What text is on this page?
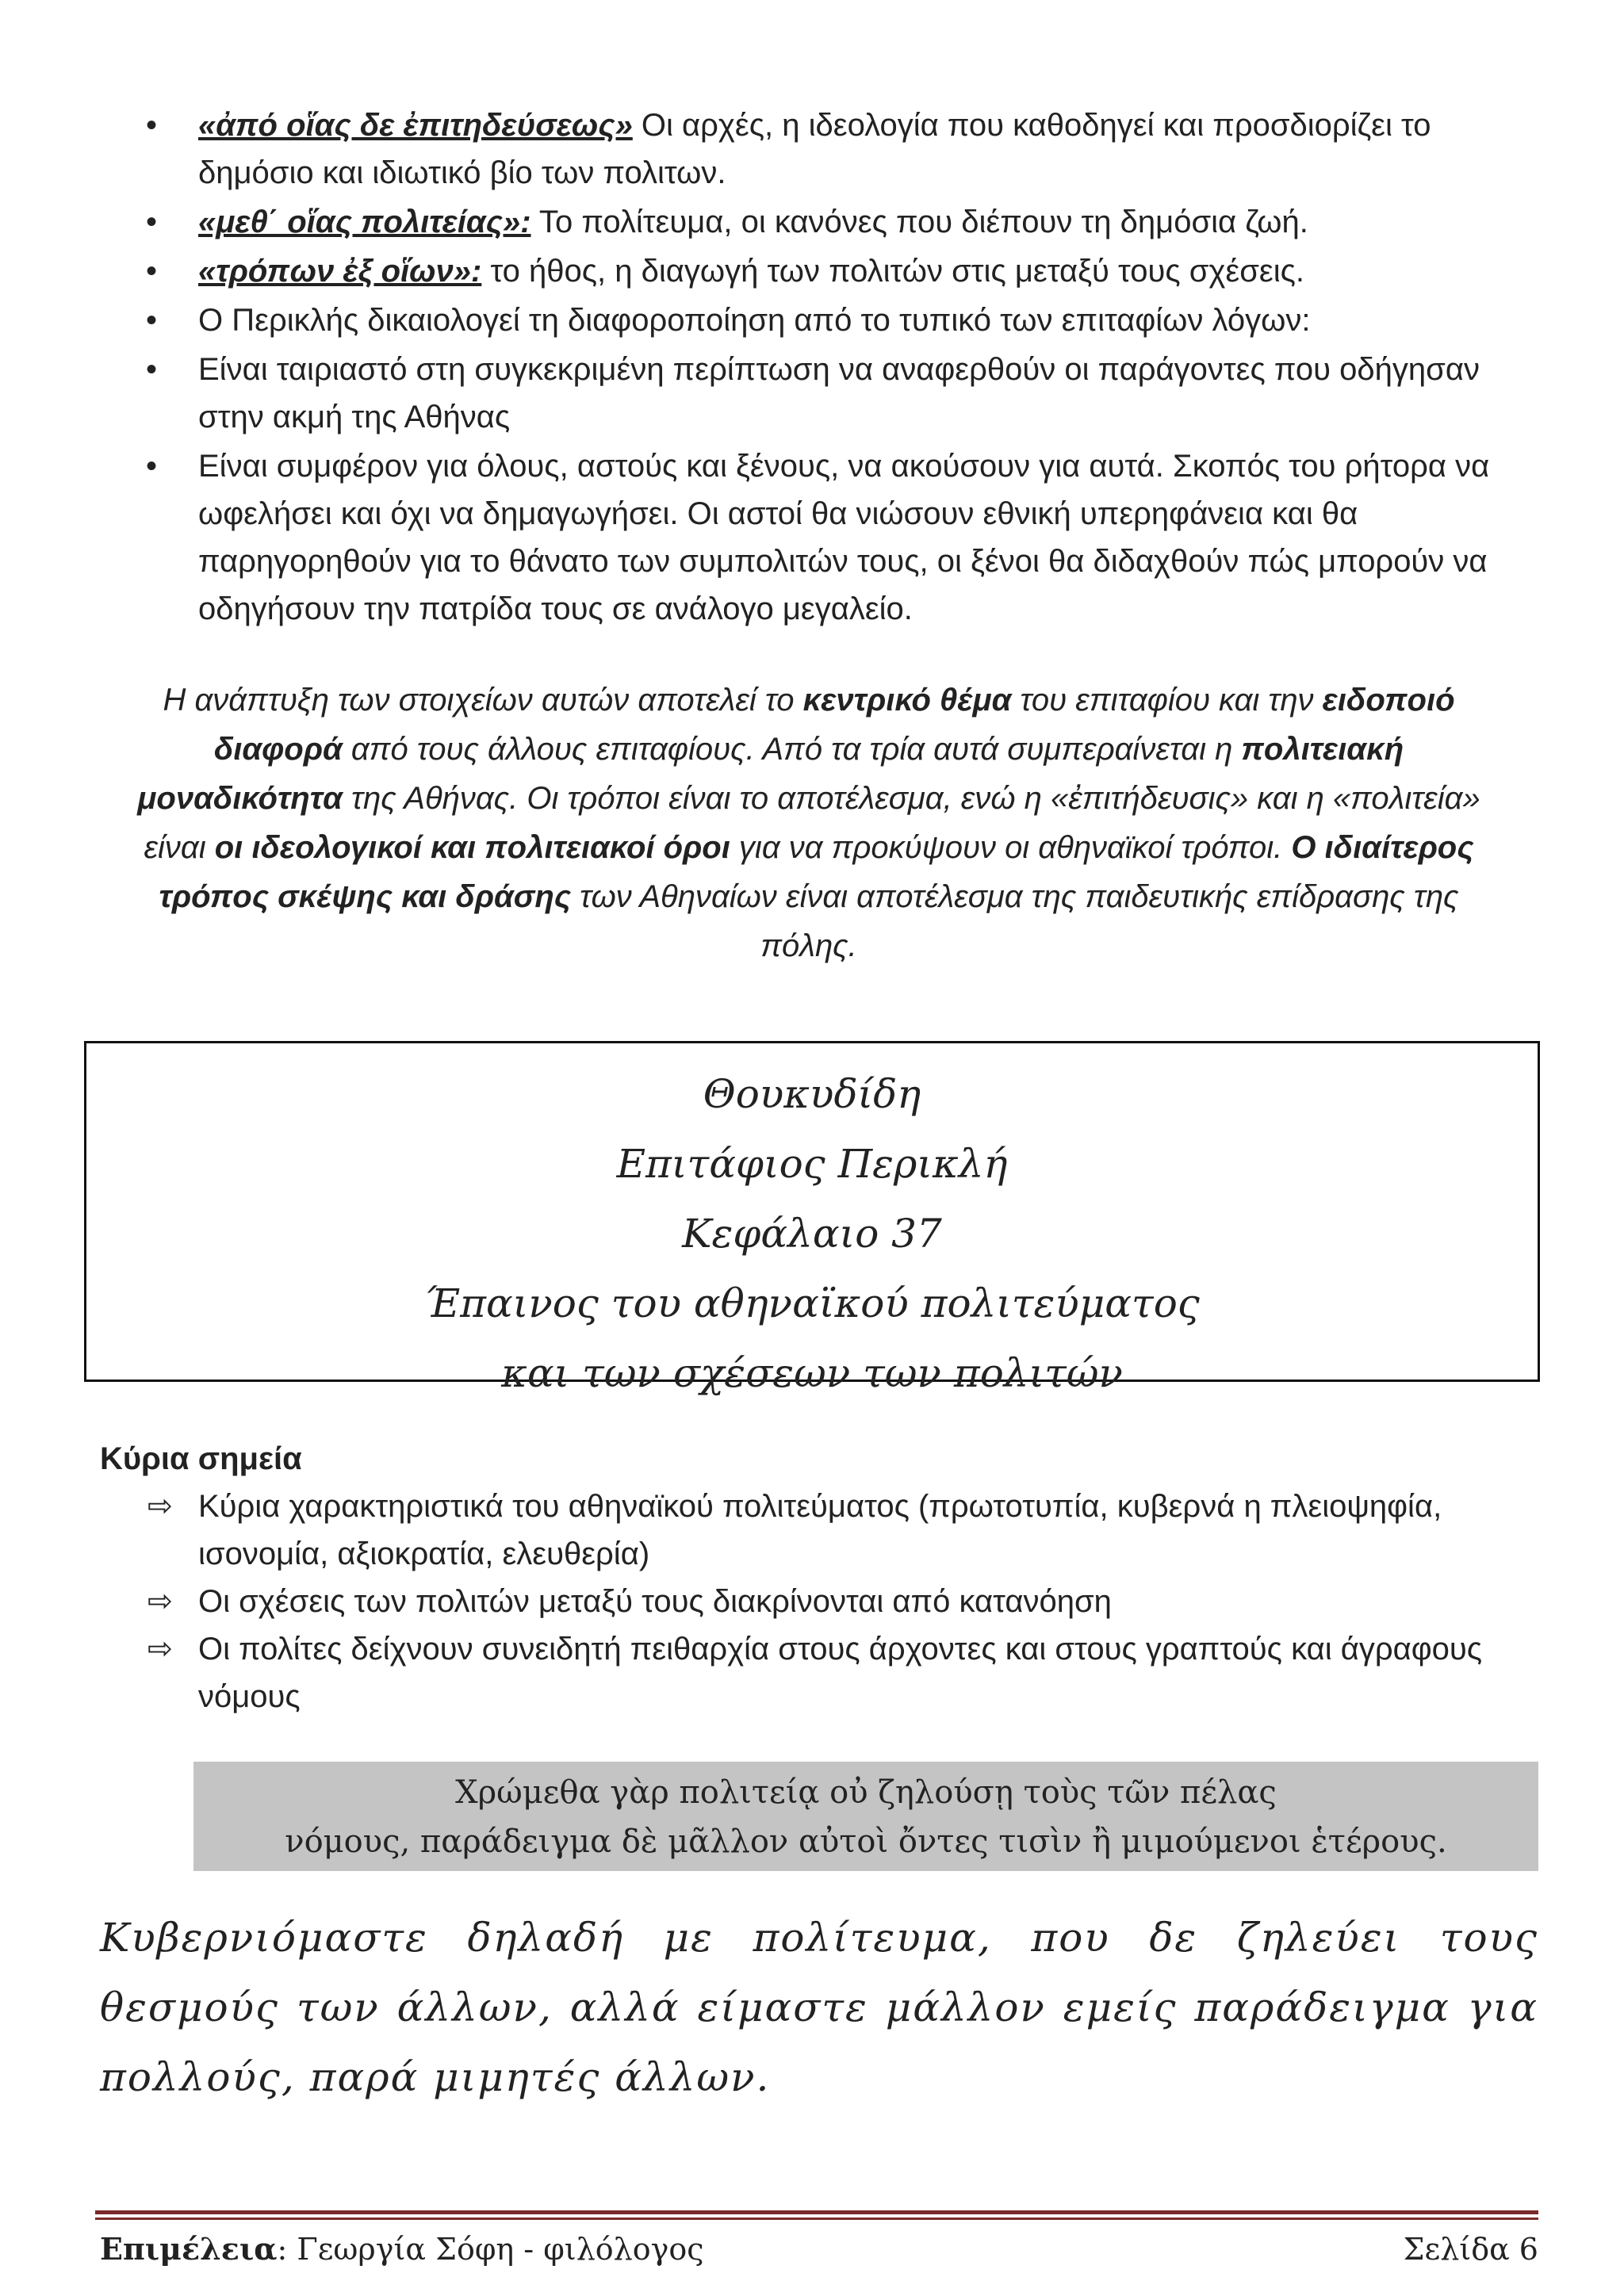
• «ἀπό οἵας δε ἐπιτηδεύσεως» Οι αρχές, η ιδεολογία που καθοδηγεί και προσδιορίζει το δημόσιο και ιδιωτικό βίο των πολιτων.
• «μεθ΄ οἵας πολιτείας»: Το πολίτευμα, οι κανόνες που διέπουν τη δημόσια ζωή.
• «τρόπων ἐξ οἵων»: το ήθος, η διαγωγή των πολιτών στις μεταξύ τους σχέσεις.
• Ο Περικλής δικαιολογεί τη διαφοροποίηση από το τυπικό των επιταφίων λόγων:
• Είναι ταιριαστό στη συγκεκριμένη περίπτωση να αναφερθούν οι παράγοντες που οδήγησαν στην ακμή της Αθήνας
• Είναι συμφέρον για όλους, αστούς και ξένους, να ακούσουν για αυτά. Σκοπός του ρήτορα να ωφελήσει και όχι να δημαγωγήσει. Οι αστοί θα νιώσουν εθνική υπερηφάνεια και θα παρηγορηθούν για το θάνατο των συμπολιτών τους, οι ξένοι θα διδαχθούν πώς μπορούν να οδηγήσουν την πατρίδα τους σε ανάλογο μεγαλείο.
Η ανάπτυξη των στοιχείων αυτών αποτελεί το κεντρικό θέμα του επιταφίου και την ειδοποιό διαφορά από τους άλλους επιταφίους. Από τα τρία αυτά συμπεραίνεται η πολιτειακή μοναδικότητα της Αθήνας. Οι τρόποι είναι το αποτέλεσμα, ενώ η «ἐπιτήδευσις» και η «πολιτεία» είναι οι ιδεολογικοί και πολιτειακοί όροι για να προκύψουν οι αθηναϊκοί τρόποι. Ο ιδιαίτερος τρόπος σκέψης και δράσης των Αθηναίων είναι αποτέλεσμα της παιδευτικής επίδρασης της πόλης.
Θουκυδίδη
Επιτάφιος Περικλή
Κεφάλαιο 37
Έπαινος του αθηναϊκού πολιτεύματος
και των σχέσεων των πολιτών
Κύρια σημεία
⇨ Κύρια χαρακτηριστικά του αθηναϊκού πολιτεύματος (πρωτοτυπία, κυβερνά η πλειοψηφία, ισονομία, αξιοκρατία, ελευθερία)
⇨ Οι σχέσεις των πολιτών μεταξύ τους διακρίνονται από κατανόηση
⇨ Οι πολίτες δείχνουν συνειδητή πειθαρχία στους άρχοντες και στους γραπτούς και άγραφους νόμους
Χρώμεθα γὰρ πολιτείᾳ οὐ ζηλούσῃ τοὺς τῶν πέλας
νόμους, παράδειγμα δὲ μᾶλλον αὐτοὶ ὄντες τισὶν ἢ μιμούμενοι ἑτέρους.
Κυβερνιόμαστε δηλαδή με πολίτευμα, που δε ζηλεύει τους θεσμούς των άλλων, αλλά είμαστε μάλλον εμείς παράδειγμα για πολλούς, παρά μιμητές άλλων.
Επιμέλεια: Γεωργία Σόφη - φιλόλογος	Σελίδα 6
